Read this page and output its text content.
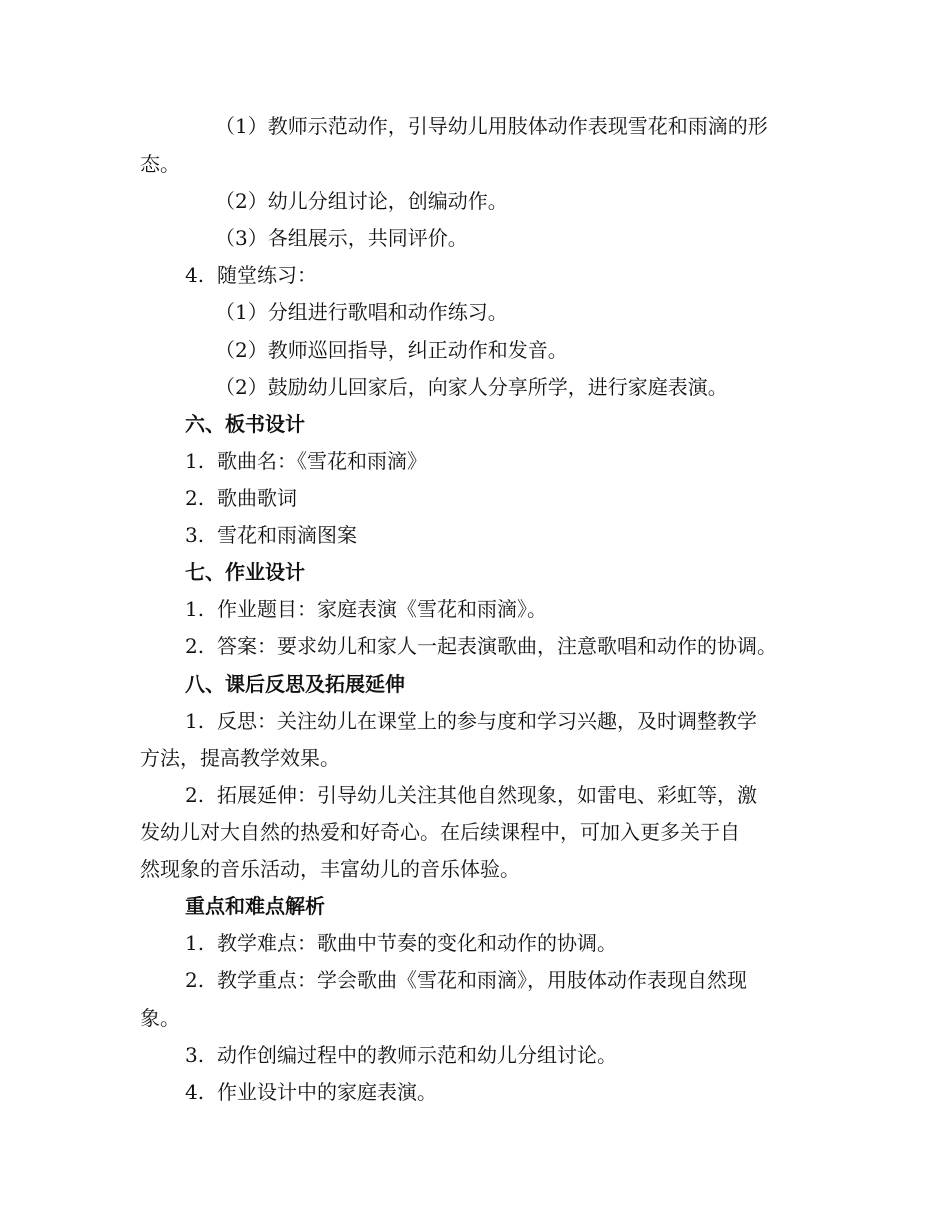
（1）教师示范动作，引导幼儿用肢体动作表现雪花和雨滴的形
态。
（2）幼儿分组讨论，创编动作。
（3）各组展示，共同评价。
4. 随堂练习：
（1）分组进行歌唱和动作练习。
（2）教师巡回指导，纠正动作和发音。
（2）鼓励幼儿回家后，向家人分享所学，进行家庭表演。
六、板书设计
1. 歌曲名：《雪花和雨滴》
2. 歌曲歌词
3. 雪花和雨滴图案
七、作业设计
1. 作业题目：家庭表演《雪花和雨滴》。
2. 答案：要求幼儿和家人一起表演歌曲，注意歌唱和动作的协调。
八、课后反思及拓展延伸
1. 反思：关注幼儿在课堂上的参与度和学习兴趣，及时调整教学
方法，提高教学效果。
2. 拓展延伸：引导幼儿关注其他自然现象，如雷电、彩虹等，激
发幼儿对大自然的热爱和好奇心。在后续课程中，可加入更多关于自
然现象的音乐活动，丰富幼儿的音乐体验。
重点和难点解析
1. 教学难点：歌曲中节奏的变化和动作的协调。
2. 教学重点：学会歌曲《雪花和雨滴》，用肢体动作表现自然现
象。
3. 动作创编过程中的教师示范和幼儿分组讨论。
4. 作业设计中的家庭表演。
